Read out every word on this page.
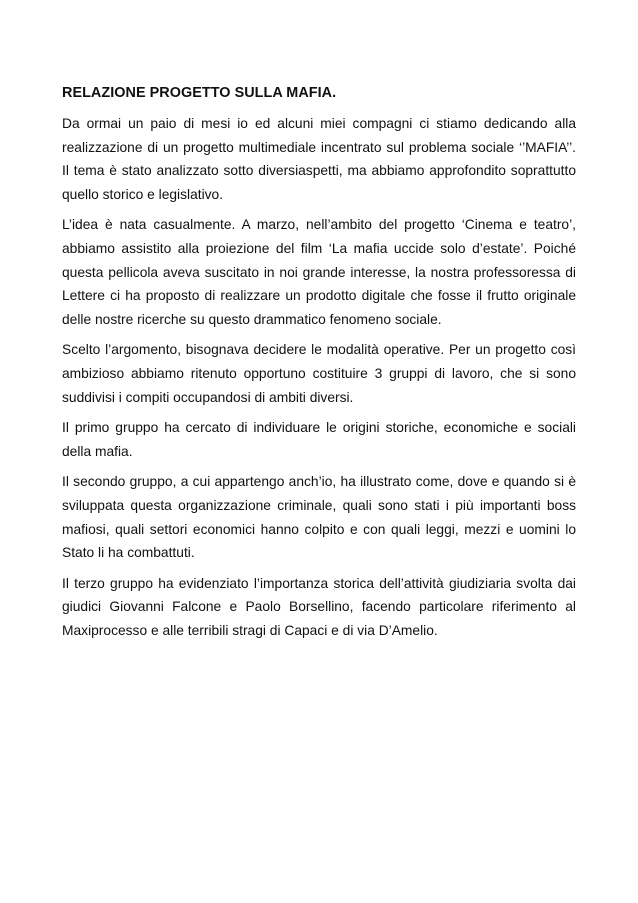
RELAZIONE PROGETTO SULLA MAFIA.

Da ormai un paio di mesi io ed alcuni miei compagni ci stiamo dedicando alla realizzazione di un progetto multimediale incentrato sul problema sociale ‘’MAFIA’’. Il tema è stato analizzato sotto diversiaspetti, ma abbiamo approfondito soprattutto quello storico e legislativo.

L’idea è nata casualmente. A marzo, nell’ambito del progetto ‘Cinema e teatro’, abbiamo assistito alla proiezione del film ‘La mafia uccide solo d’estate’. Poiché questa pellicola aveva suscitato in noi grande interesse, la nostra professoressa di Lettere ci ha proposto di realizzare un prodotto digitale che fosse il frutto originale delle nostre ricerche su questo drammatico fenomeno sociale.

Scelto l’argomento, bisognava decidere le modalità operative. Per un progetto così ambizioso abbiamo ritenuto opportuno costituire 3 gruppi di lavoro, che si sono suddivisi i compiti occupandosi di ambiti diversi.

Il primo gruppo ha cercato di individuare le origini storiche, economiche e sociali della mafia.

Il secondo gruppo, a cui appartengo anch’io, ha illustrato come, dove e quando si è sviluppata questa organizzazione criminale, quali sono stati i più importanti boss mafiosi, quali settori economici hanno colpito e con quali leggi, mezzi e uomini lo Stato li ha combattuti.

Il terzo gruppo ha evidenziato l’importanza storica dell’attività giudiziaria svolta dai giudici Giovanni Falcone e Paolo Borsellino, facendo particolare riferimento al Maxiprocesso e alle terribili stragi di Capaci e di via D’Amelio.
